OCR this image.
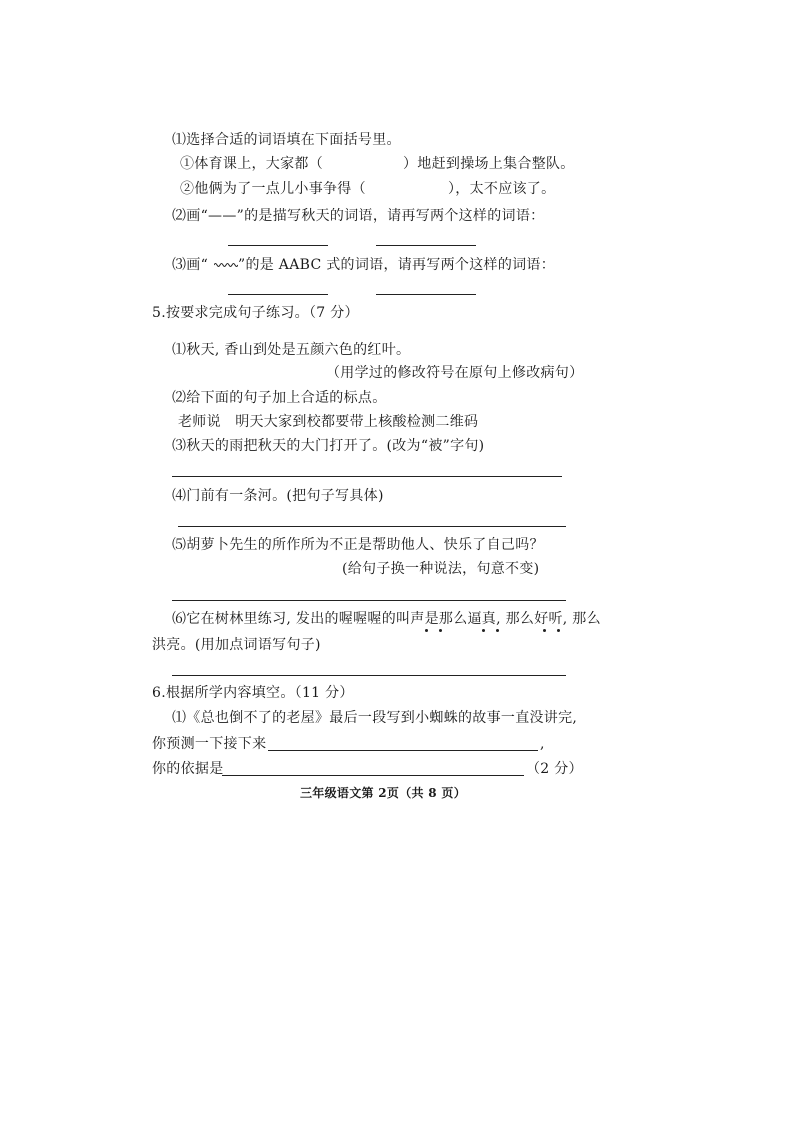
⑴选择合适的词语填在下面括号里。
①体育课上，大家都（	）地赶到操场上集合整队。
②他俩为了一点儿小事争得（	），太不应该了。
⑵画“——”的是描写秋天的词语，请再写两个这样的词语：
⑶画“ ”的是 AABC 式的词语，请再写两个这样的词语：
5.按要求完成句子练习。（7 分）
⑴秋天, 香山到处是五颜六色的红叶。
（用学过的修改符号在原句上修改病句）
⑵给下面的句子加上合适的标点。
老师说　明天大家到校都要带上核酸检测二维码
⑶秋天的雨把秋天的大门打开了。(改为“被”字句)
⑷门前有一条河。(把句子写具体)
⑸胡萝卜先生的所作所为不正是帮助他人、快乐了自己吗？
(给句子换一种说法，句意不变)
⑹它在树林里练习, 发出的喔喔喔的叫声是那么逼真, 那么好听, 那么
洪亮。(用加点词语写句子)
6.根据所学内容填空。（11 分）
⑴《总也倒不了的老屋》最后一段写到小蜘蛛的故事一直没讲完,
你预测一下接下来	,
你的依据是	（2 分）
三年级语文第 2页（共 8 页）
